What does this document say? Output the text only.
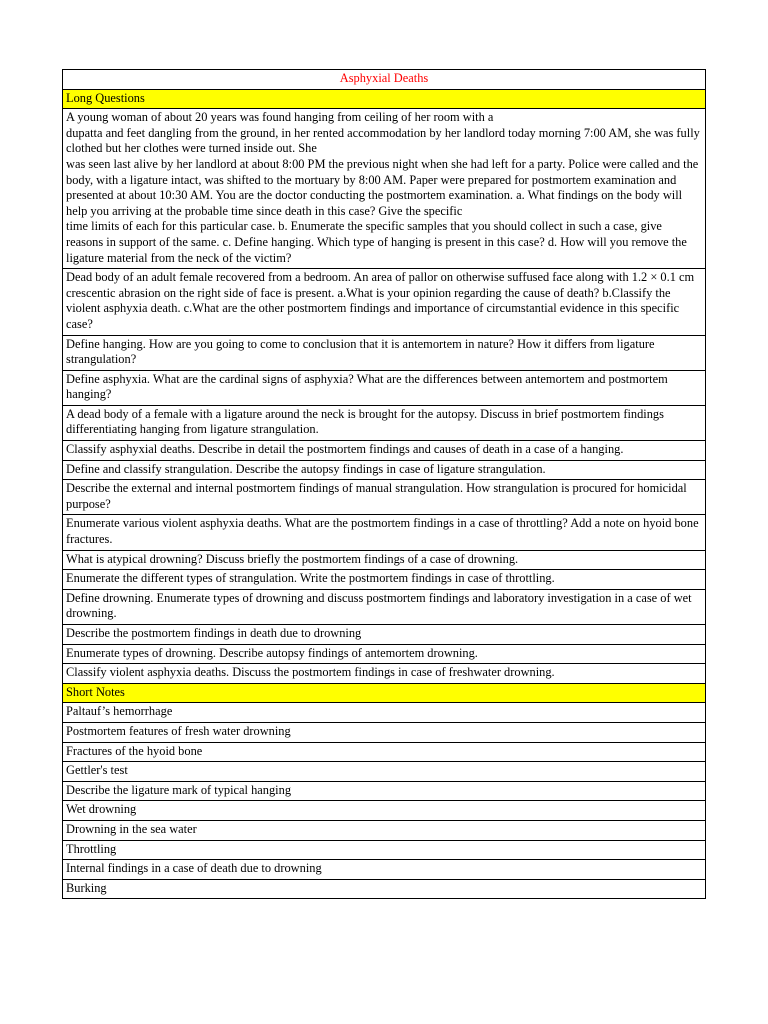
Asphyxial Deaths
Long Questions

A young woman of about 20 years was found hanging from ceiling of her room with a
dupatta and feet dangling from the ground, in her rented accommodation by her landlord today morning 7:00 AM, she was fully clothed but her clothes were turned inside out. She
was seen last alive by her landlord at about 8:00 PM the previous night when she had left for a party. Police were called and the body, with a ligature intact, was shifted to the mortuary by 8:00 AM. Paper were prepared for postmortem examination and presented at about 10:30 AM. You are the doctor conducting the postmortem examination. a. What findings on the body will help you arriving at the probable time since death in this case? Give the specific
time limits of each for this particular case. b. Enumerate the specific samples that you should collect in such a case, give reasons in support of the same. c. Define hanging. Which type of hanging is present in this case? d. How will you remove the ligature material from the neck of the victim?

Dead body of an adult female recovered from a bedroom. An area of pallor on otherwise suffused face along with 1.2 × 0.1 cm crescentic abrasion on the right side of face is present. a.What is your opinion regarding the cause of death? b.Classify the violent asphyxia death. c.What are the other postmortem findings and importance of circumstantial evidence in this specific case?

Define hanging. How are you going to come to conclusion that it is antemortem in nature? How it differs from ligature strangulation?
Define asphyxia. What are the cardinal signs of asphyxia? What are the differences between antemortem and postmortem hanging?
A dead body of a female with a ligature around the neck is brought for the autopsy. Discuss in brief postmortem findings differentiating hanging from ligature strangulation.
Classify asphyxial deaths. Describe in detail the postmortem findings and causes of death in a case of a hanging.
Define and classify strangulation. Describe the autopsy findings in case of ligature strangulation.
Describe the external and internal postmortem findings of manual strangulation. How strangulation is procured for homicidal purpose?
Enumerate various violent asphyxia deaths. What are the postmortem findings in a case of throttling? Add a note on hyoid bone fractures.
What is atypical drowning? Discuss briefly the postmortem findings of a case of drowning.
Enumerate the different types of strangulation. Write the postmortem findings in case of throttling.
Define drowning. Enumerate types of drowning and discuss postmortem findings and laboratory investigation in a case of wet drowning.
Describe the postmortem findings in death due to drowning
Enumerate types of drowning. Describe autopsy findings of antemortem drowning.
Classify violent asphyxia deaths. Discuss the postmortem findings in case of freshwater drowning.
Short Notes
Paltauf’s hemorrhage
Postmortem features of fresh water drowning
Fractures of the hyoid bone
Gettler's test
Describe the ligature mark of typical hanging
Wet drowning
Drowning in the sea water
Throttling
Internal findings in a case of death due to drowning
Burking
